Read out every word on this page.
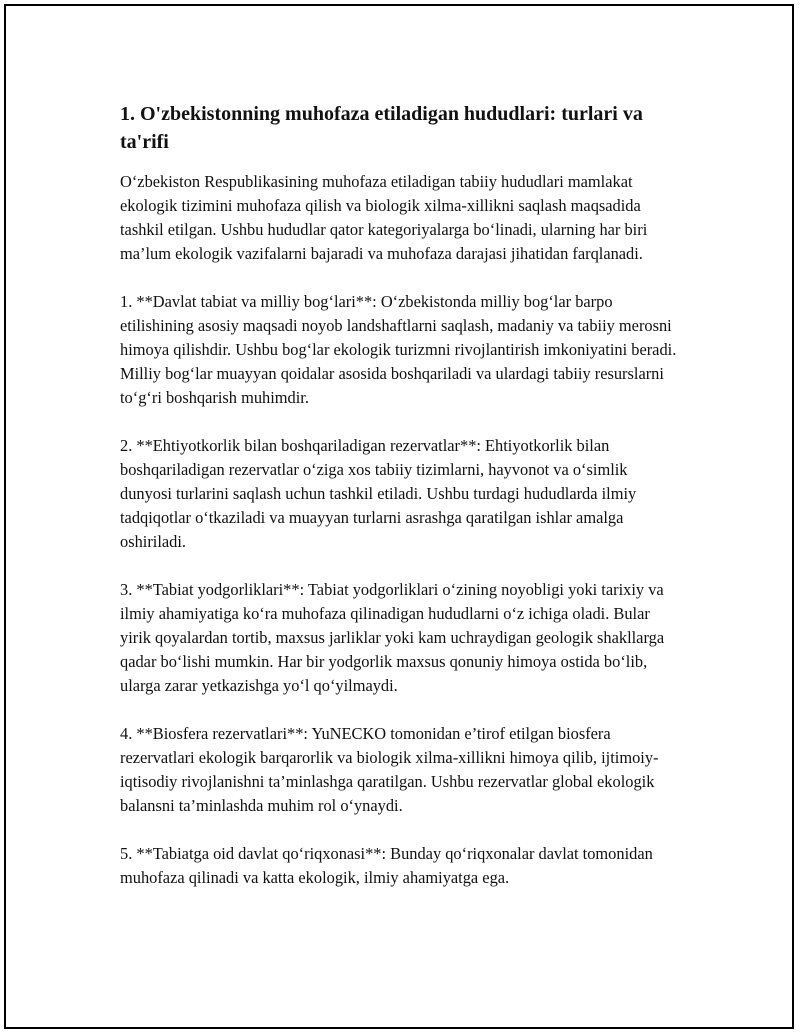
1. O'zbekistonning muhofaza etiladigan hududlari: turlari va ta'rifi

O‘zbekiston Respublikasining muhofaza etiladigan tabiiy hududlari mamlakat ekologik tizimini muhofaza qilish va biologik xilma-xillikni saqlash maqsadida tashkil etilgan. Ushbu hududlar qator kategoriyalarga bo‘linadi, ularning har biri ma’lum ekologik vazifalarni bajaradi va muhofaza darajasi jihatidan farqlanadi.

1. **Davlat tabiat va milliy bog‘lari**: O‘zbekistonda milliy bog‘lar barpo etilishining asosiy maqsadi noyob landshaftlarni saqlash, madaniy va tabiiy merosni himoya qilishdir. Ushbu bog‘lar ekologik turizmni rivojlantirish imkoniyatini beradi. Milliy bog‘lar muayyan qoidalar asosida boshqariladi va ulardagi tabiiy resurslarni to‘g‘ri boshqarish muhimdir.

2. **Ehtiyotkorlik bilan boshqariladigan rezervatlar**: Ehtiyotkorlik bilan boshqariladigan rezervatlar o‘ziga xos tabiiy tizimlarni, hayvonot va o‘simlik dunyosi turlarini saqlash uchun tashkil etiladi. Ushbu turdagi hududlarda ilmiy tadqiqotlar o‘tkaziladi va muayyan turlarni asrashga qaratilgan ishlar amalga oshiriladi.

3. **Tabiat yodgorliklari**: Tabiat yodgorliklari o‘zining noyobligi yoki tarixiy va ilmiy ahamiyatiga ko‘ra muhofaza qilinadigan hududlarni o‘z ichiga oladi. Bular yirik qoyalardan tortib, maxsus jarliklar yoki kam uchraydigan geologik shakllarga qadar bo‘lishi mumkin. Har bir yodgorlik maxsus qonuniy himoya ostida bo‘lib, ularga zarar yetkazishga yo‘l qo‘yilmaydi.

4. **Biosfera rezervatlari**: YuNECKO tomonidan e’tirof etilgan biosfera rezervatlari ekologik barqarorlik va biologik xilma-xillikni himoya qilib, ijtimoiy-iqtisodiy rivojlanishni ta’minlashga qaratilgan. Ushbu rezervatlar global ekologik balansni ta’minlashda muhim rol o‘ynaydi.

5. **Tabiatga oid davlat qo‘riqxonasi**: Bunday qo‘riqxonalar davlat tomonidan muhofaza qilinadi va katta ekologik, ilmiy ahamiyatga ega.
